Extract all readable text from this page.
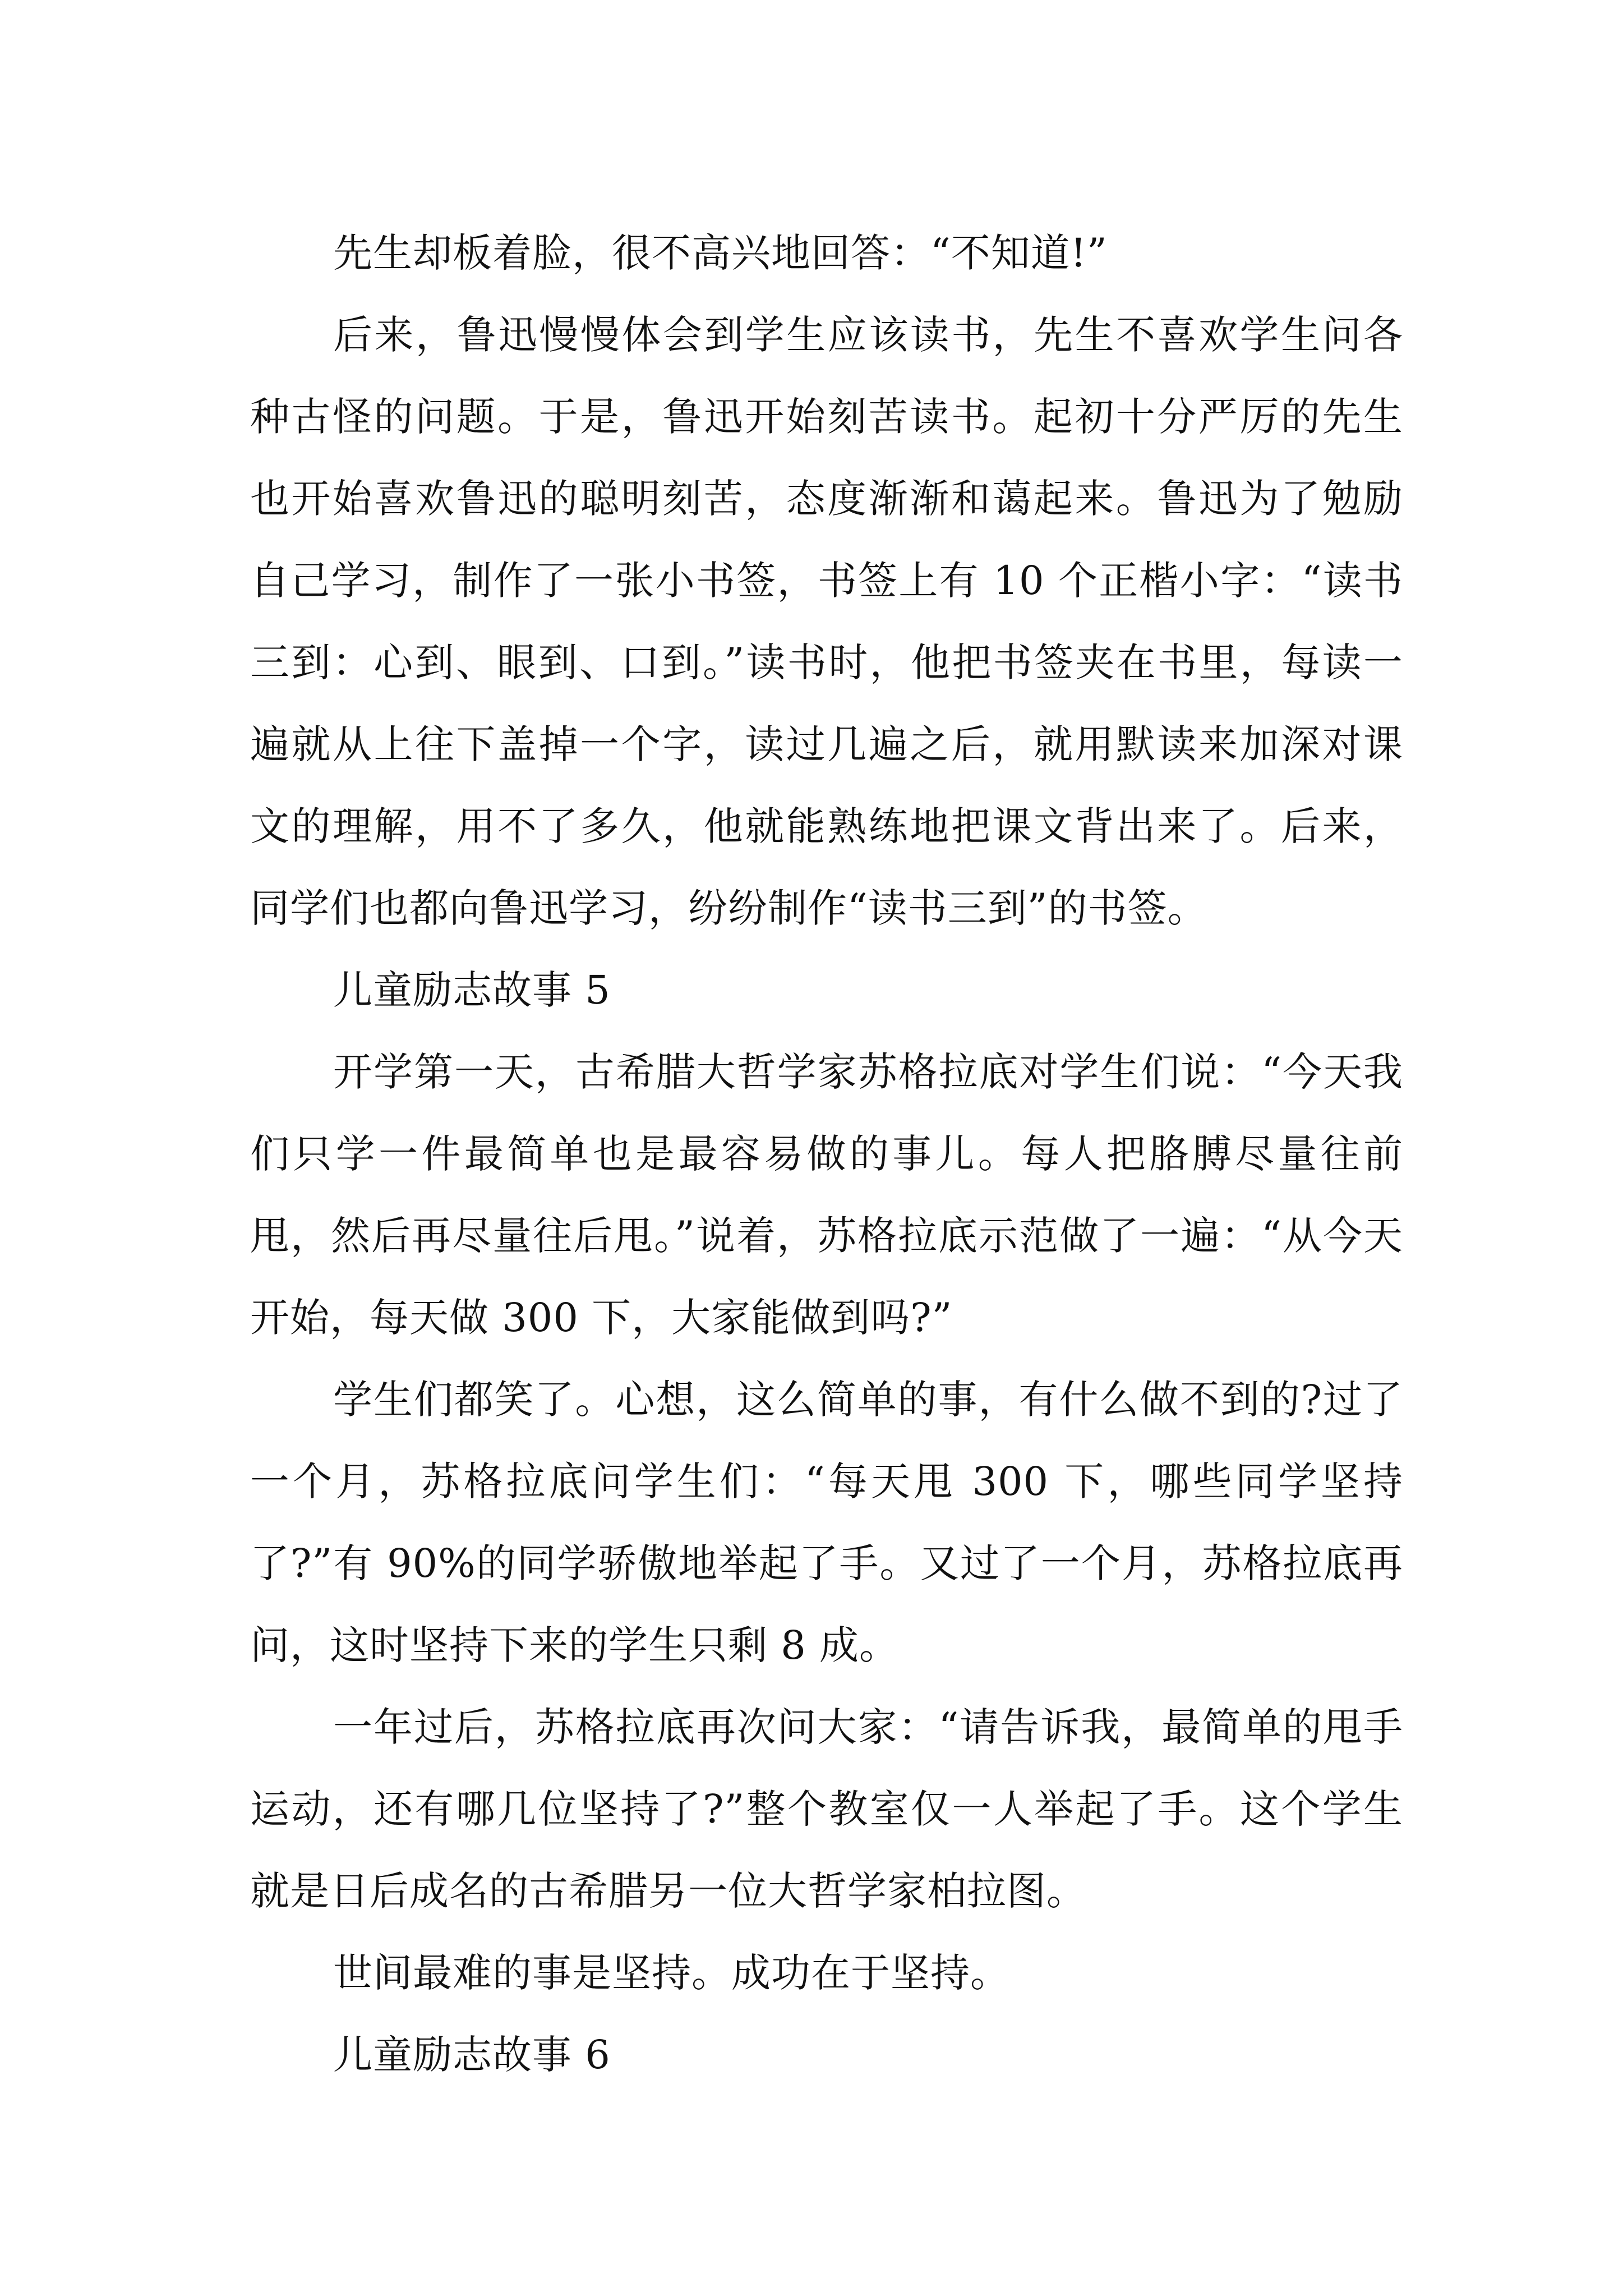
先生却板着脸，很不高兴地回答：“不知道!”

后来，鲁迅慢慢体会到学生应该读书，先生不喜欢学生问各种古怪的问题。于是，鲁迅开始刻苦读书。起初十分严厉的先生也开始喜欢鲁迅的聪明刻苦，态度渐渐和蔼起来。鲁迅为了勉励自己学习，制作了一张小书签，书签上有 10 个正楷小字：“读书三到：心到、眼到、口到。”读书时，他把书签夹在书里，每读一遍就从上往下盖掉一个字，读过几遍之后，就用默读来加深对课文的理解，用不了多久，他就能熟练地把课文背出来了。后来，同学们也都向鲁迅学习，纷纷制作“读书三到”的书签。

儿童励志故事 5

开学第一天，古希腊大哲学家苏格拉底对学生们说：“今天我们只学一件最简单也是最容易做的事儿。每人把胳膊尽量往前甩，然后再尽量往后甩。”说着，苏格拉底示范做了一遍：“从今天开始，每天做 300 下，大家能做到吗?”

学生们都笑了。心想，这么简单的事，有什么做不到的?过了一个月，苏格拉底问学生们：“每天甩 300 下，哪些同学坚持了?”有 90%的同学骄傲地举起了手。又过了一个月，苏格拉底再问，这时坚持下来的学生只剩 8 成。

一年过后，苏格拉底再次问大家：“请告诉我，最简单的甩手运动，还有哪几位坚持了?”整个教室仅一人举起了手。这个学生就是日后成名的古希腊另一位大哲学家柏拉图。

世间最难的事是坚持。成功在于坚持。

儿童励志故事 6
